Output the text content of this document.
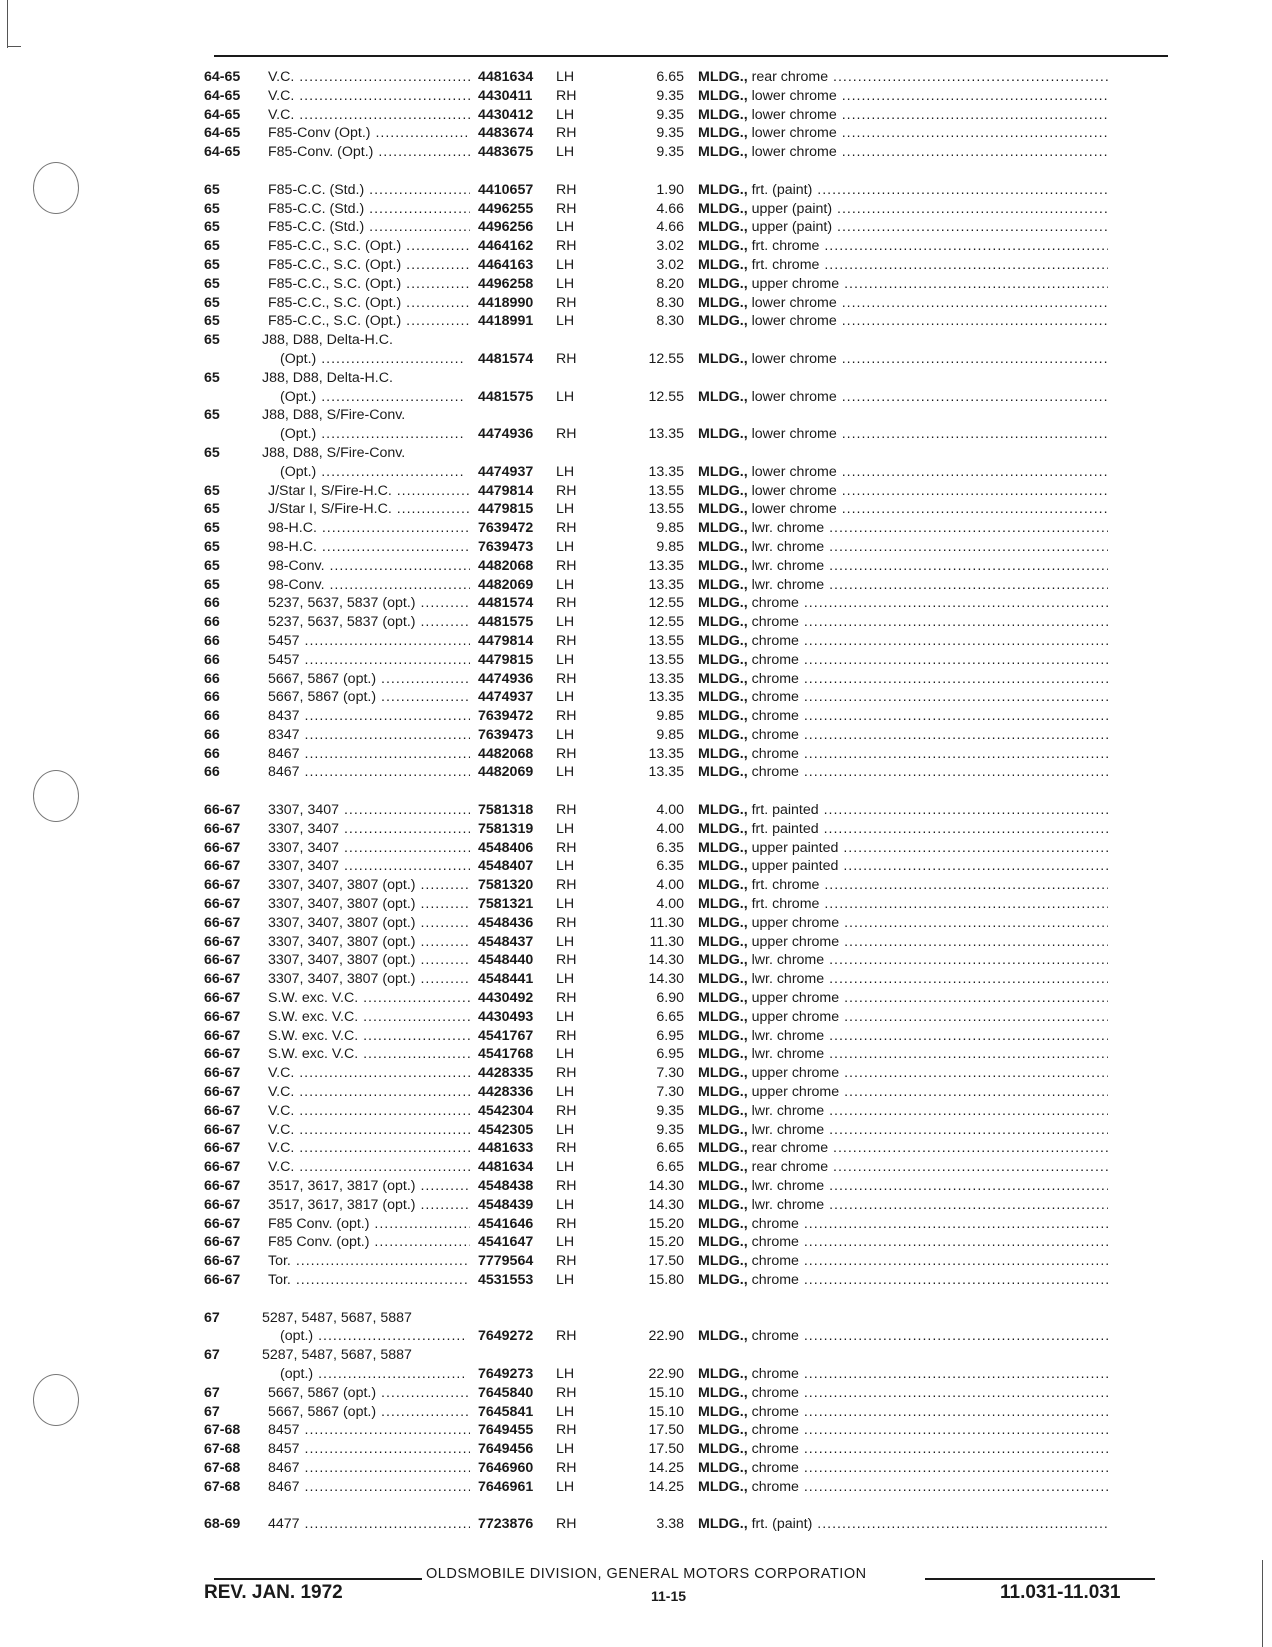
64-65 V.C. .....	4481634 LH	6.65 MLDG., rear chrome .....
64-65 V.C. .....	4430411 RH	9.35 MLDG., lower chrome .....
64-65 V.C. .....	4430412 LH	9.35 MLDG., lower chrome .....
64-65 F85-Conv (Opt.) .....	4483674 RH	9.35 MLDG., lower chrome .....
64-65 F85-Conv. (Opt.) .....	4483675 LH	9.35 MLDG., lower chrome .....
65	F85-C.C. (Std.) .....	4410657 RH	1.90 MLDG., frt. (paint) .....
65	F85-C.C. (Std.) .....	4496255 RH	4.66 MLDG., upper (paint) .....
65	F85-C.C. (Std.) .....	4496256 LH	4.66 MLDG., upper (paint) .....
65	F85-C.C., S.C. (Opt.) .....	4464162 RH	3.02 MLDG., frt. chrome .....
65	F85-C.C., S.C. (Opt.) .....	4464163 LH	3.02 MLDG., frt. chrome .....
65	F85-C.C., S.C. (Opt.) .....	4496258 LH	8.20 MLDG., upper chrome .....
65	F85-C.C., S.C. (Opt.) .....	4418990 RH	8.30 MLDG., lower chrome .....
65	F85-C.C., S.C. (Opt.) .....	4418991 LH	8.30 MLDG., lower chrome .....
65	J88, D88, Delta-H.C.
(Opt.) .....	4481574 RH	12.55 MLDG., lower chrome .....
65	J88, D88, Delta-H.C.
(Opt.) .....	4481575 LH	12.55 MLDG., lower chrome .....
65	J88, D88, S/Fire-Conv.
(Opt.) .....	4474936 RH	13.35 MLDG., lower chrome .....
65	J88, D88, S/Fire-Conv.
(Opt.) .....	4474937 LH	13.35 MLDG., lower chrome .....
65	J/Star I, S/Fire-H.C. .....	4479814 RH	13.55 MLDG., lower chrome .....
65	J/Star I, S/Fire-H.C. .....	4479815 LH	13.55 MLDG., lower chrome .....
65	98-H.C. .....	7639472 RH	9.85 MLDG., lwr. chrome .....
65	98-H.C. .....	7639473 LH	9.85 MLDG., lwr. chrome .....
65	98-Conv. .....	4482068 RH	13.35 MLDG., lwr. chrome .....
65	98-Conv. .....	4482069 LH	13.35 MLDG., lwr. chrome .....
66	5237, 5637, 5837 (opt.) .....	4481574 RH	12.55 MLDG., chrome .....
66	5237, 5637, 5837 (opt.) .....	4481575 LH	12.55 MLDG., chrome .....
66	5457 .....	4479814 RH	13.55 MLDG., chrome .....
66	5457 .....	4479815 LH	13.55 MLDG., chrome .....
66	5667, 5867 (opt.) .....	4474936 RH	13.35 MLDG., chrome .....
66	5667, 5867 (opt.) .....	4474937 LH	13.35 MLDG., chrome .....
66	8437 .....	7639472 RH	9.85 MLDG., chrome .....
66	8347 .....	7639473 LH	9.85 MLDG., chrome .....
66	8467 .....	4482068 RH	13.35 MLDG., chrome .....
66	8467 .....	4482069 LH	13.35 MLDG., chrome .....
66-67 3307, 3407 .....	7581318 RH	4.00 MLDG., frt. painted .....
66-67 3307, 3407 .....	7581319 LH	4.00 MLDG., frt. painted .....
66-67 3307, 3407 .....	4548406 RH	6.35 MLDG., upper painted .....
66-67 3307, 3407 .....	4548407 LH	6.35 MLDG., upper painted .....
66-67 3307, 3407, 3807 (opt.) .....	7581320 RH	4.00 MLDG., frt. chrome .....
66-67 3307, 3407, 3807 (opt.) .....	7581321 LH	4.00 MLDG., frt. chrome .....
66-67 3307, 3407, 3807 (opt.) .....	4548436 RH	11.30 MLDG., upper chrome .....
66-67 3307, 3407, 3807 (opt.) .....	4548437 LH	11.30 MLDG., upper chrome .....
66-67 3307, 3407, 3807 (opt.) .....	4548440 RH	14.30 MLDG., lwr. chrome .....
66-67 3307, 3407, 3807 (opt.) .....	4548441 LH	14.30 MLDG., lwr. chrome .....
66-67 S.W. exc. V.C. .....	4430492 RH	6.90 MLDG., upper chrome .....
66-67 S.W. exc. V.C. .....	4430493 LH	6.65 MLDG., upper chrome .....
66-67 S.W. exc. V.C. .....	4541767 RH	6.95 MLDG., lwr. chrome .....
66-67 S.W. exc. V.C. .....	4541768 LH	6.95 MLDG., lwr. chrome .....
66-67 V.C. .....	4428335 RH	7.30 MLDG., upper chrome .....
66-67 V.C. .....	4428336 LH	7.30 MLDG., upper chrome .....
66-67 V.C. .....	4542304 RH	9.35 MLDG., lwr. chrome .....
66-67 V.C. .....	4542305 LH	9.35 MLDG., lwr. chrome .....
66-67 V.C. .....	4481633 RH	6.65 MLDG., rear chrome .....
66-67 V.C. .....	4481634 LH	6.65 MLDG., rear chrome .....
66-67 3517, 3617, 3817 (opt.) .....	4548438 RH	14.30 MLDG., lwr. chrome .....
66-67 3517, 3617, 3817 (opt.) .....	4548439 LH	14.30 MLDG., lwr. chrome .....
66-67 F85 Conv. (opt.) .....	4541646 RH	15.20 MLDG., chrome .....
66-67 F85 Conv. (opt.) .....	4541647 LH	15.20 MLDG., chrome .....
66-67 Tor. .....	7779564 RH	17.50 MLDG., chrome .....
66-67 Tor. .....	4531553 LH	15.80 MLDG., chrome .....
67	5287, 5487, 5687, 5887
(opt.) .....	7649272 RH	22.90 MLDG., chrome .....
67	5287, 5487, 5687, 5887
(opt.) .....	7649273 LH	22.90 MLDG., chrome .....
67	5667, 5867 (opt.) .....	7645840 RH	15.10 MLDG., chrome .....
67	5667, 5867 (opt.) .....	7645841 LH	15.10 MLDG., chrome .....
67-68 8457 .....	7649455 RH	17.50 MLDG., chrome .....
67-68 8457 .....	7649456 LH	17.50 MLDG., chrome .....
67-68 8467 .....	7646960 RH	14.25 MLDG., chrome .....
67-68 8467 .....	7646961 LH	14.25 MLDG., chrome .....
68-69 4477 .....	7723876 RH	3.38 MLDG., frt. (paint) .....
OLDSMOBILE DIVISION, GENERAL MOTORS CORPORATION
REV. JAN. 1972	11-15	11.031-11.031
